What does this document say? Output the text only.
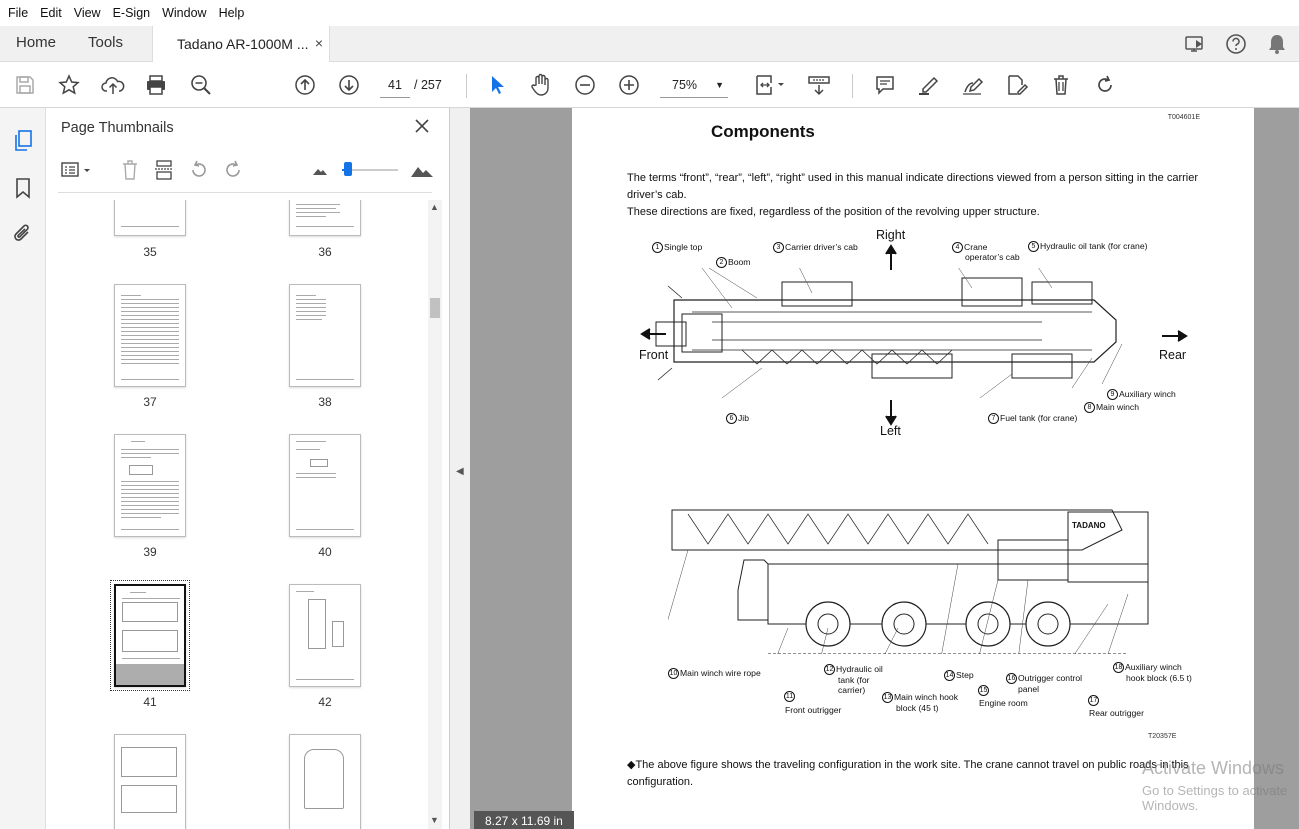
File Edit View E-Sign Window Help
Home Tools	Tadano AR-1000M ... ×
41 / 257	75% ▼
Page Thumbnails
35	36
37	38
39	40
41	42
▲
▼
◀
T004601E
Components
The terms “front”, “rear”, “left”, “right” used in this manual indicate directions viewed from a person sitting in the carrier
driver’s cab.
These directions are fixed, regardless of the position of the revolving upper structure.
Right
Left
Front	Rear
1 Single top
2 Boom
3 Carrier driver’s cab	4 Crane
operator’s cab
5 Hydraulic oil tank (for crane)
6 Jib	7 Fuel tank (for crane)
8 Main winch
9 Auxiliary winch
TADANO
10 Main winch wire rope
11
Front outrigger
12 Hydraulic oil
tank (for
carrier)
13 Main winch hook
block (45 t)
14 Step
15
Engine room
16 Outrigger control
panel
17
Rear outrigger
18 Auxiliary winch
hook block (6.5 t)
T20357E
◆The above figure shows the traveling configuration in the work site. The crane cannot travel on public roads in this
configuration.
8.27 x 11.69 in
Activate Windows
Go to Settings to activate Windows.
